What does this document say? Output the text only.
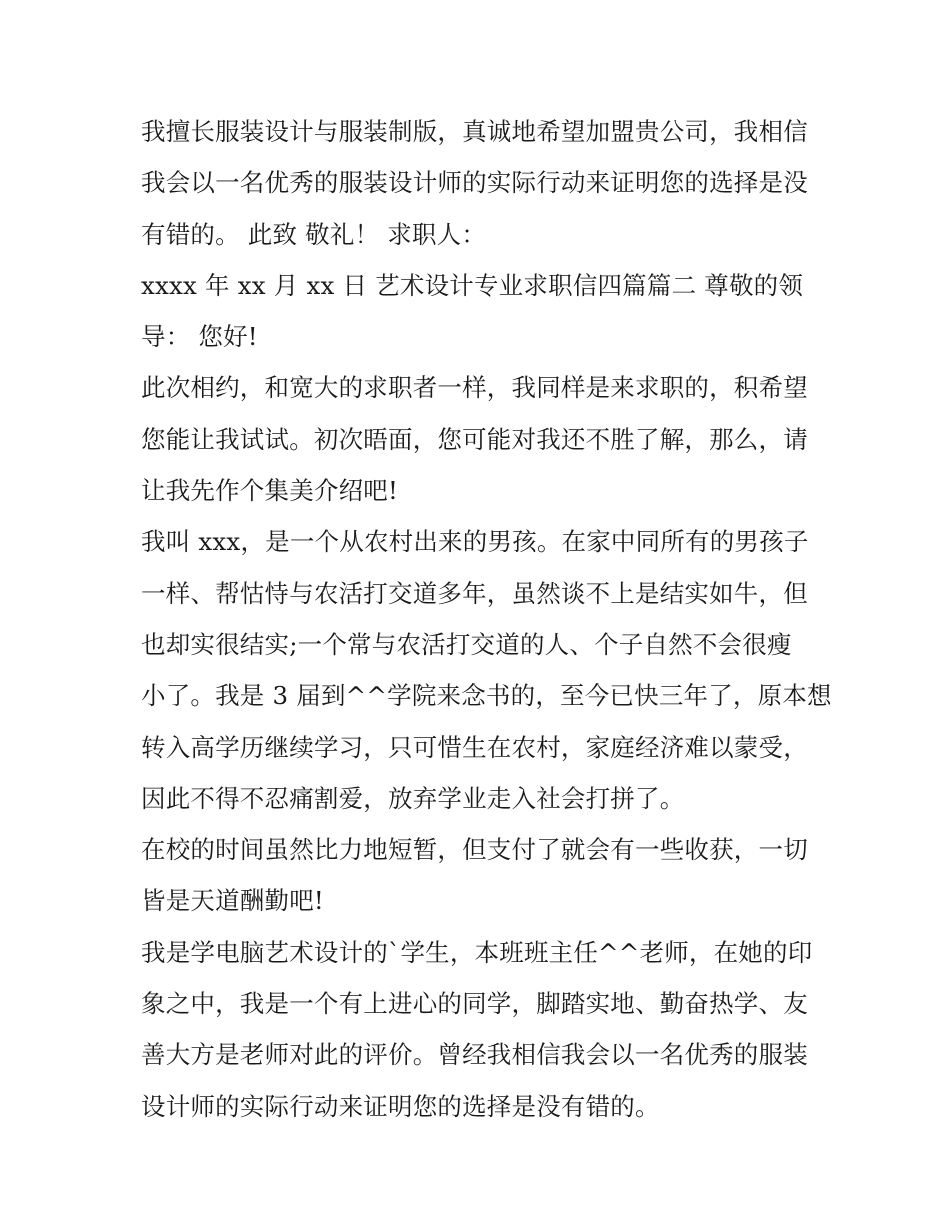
我擅长服装设计与服装制版，真诚地希望加盟贵公司，我相信
我会以一名优秀的服装设计师的实际行动来证明您的选择是没
有错的。 此致 敬礼！ 求职人：
xxxx 年 xx 月 xx 日 艺术设计专业求职信四篇篇二 尊敬的领
导： 您好!
此次相约，和宽大的求职者一样，我同样是来求职的，积希望
您能让我试试。初次晤面，您可能对我还不胜了解，那么，请
让我先作个集美介绍吧!
我叫 xxx，是一个从农村出来的男孩。在家中同所有的男孩子
一样、帮怙恃与农活打交道多年，虽然谈不上是结实如牛，但
也却实很结实;一个常与农活打交道的人、个子自然不会很瘦
小了。我是 3 届到^^学院来念书的，至今已快三年了，原本想
转入高学历继续学习，只可惜生在农村，家庭经济难以蒙受，
因此不得不忍痛割爱，放弃学业走入社会打拼了。
在校的时间虽然比力地短暂，但支付了就会有一些收获，一切
皆是天道酬勤吧!
我是学电脑艺术设计的`学生，本班班主任^^老师，在她的印
象之中，我是一个有上进心的同学，脚踏实地、勤奋热学、友
善大方是老师对此的评价。曾经我相信我会以一名优秀的服装
设计师的实际行动来证明您的选择是没有错的。
